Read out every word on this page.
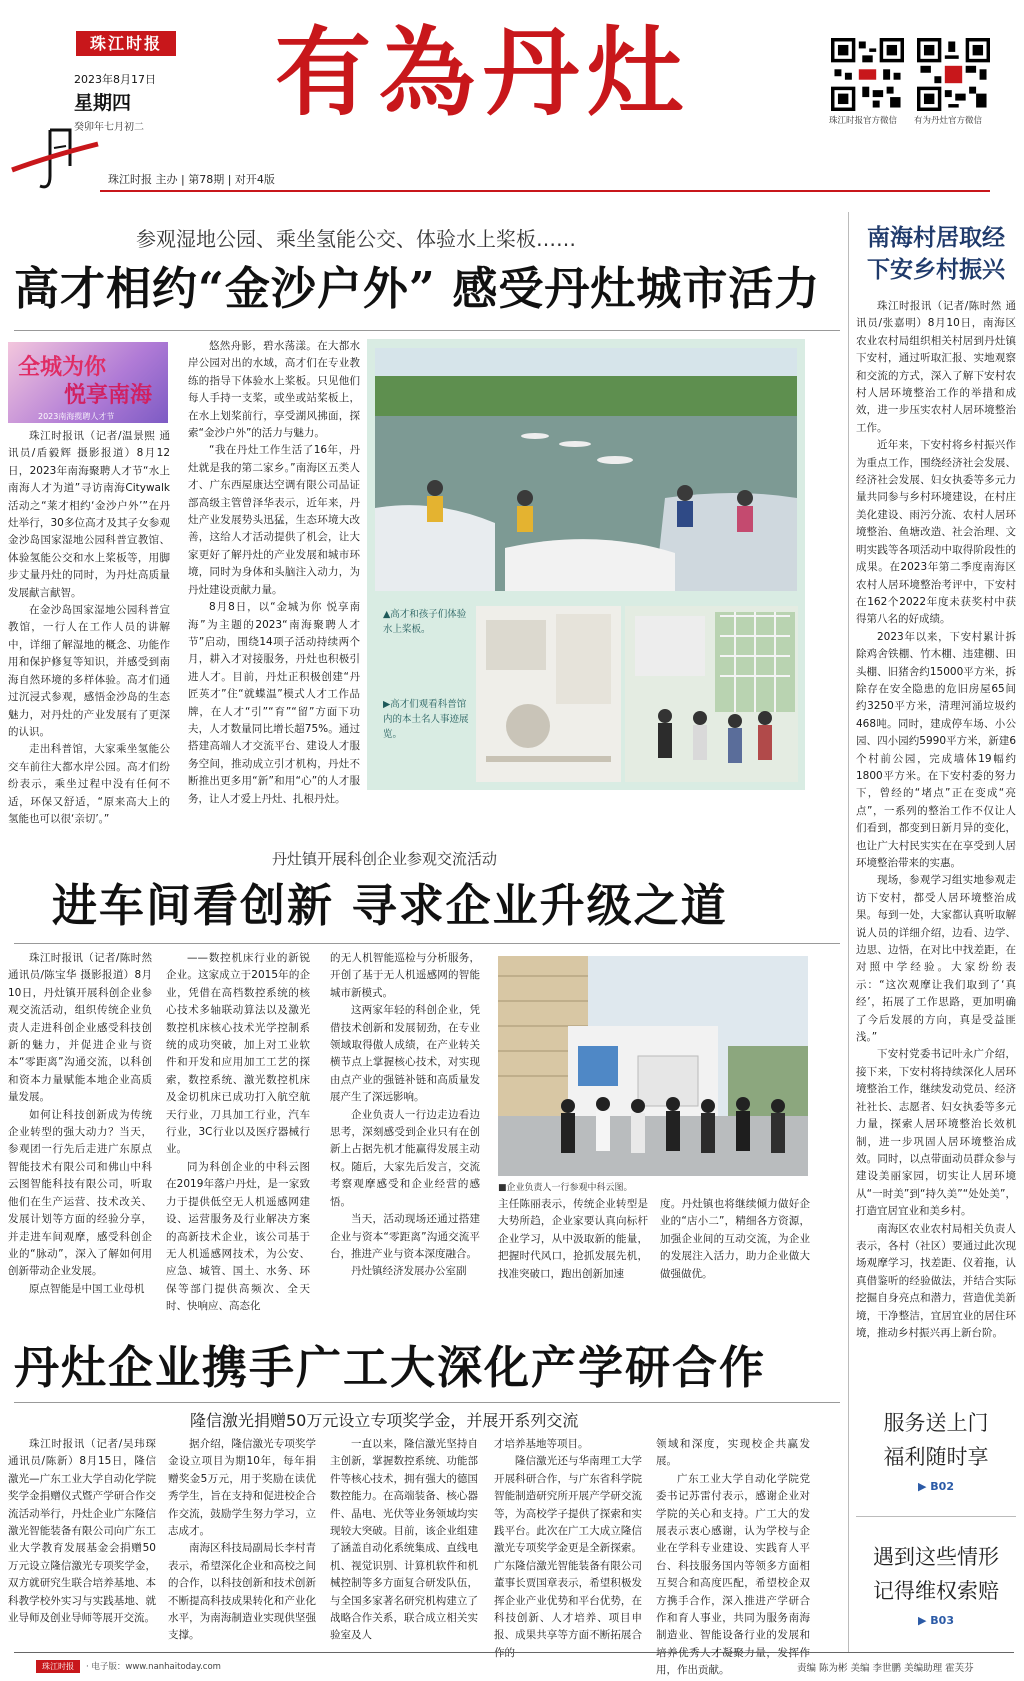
珠江时报
2023年8月17日
星期四
癸卯年七月初二 有為丹灶	珠江时报官方微信 有为丹灶官方微信
珠江时报 主办 | 第78期 | 对开4版
参观湿地公园、乘坐氢能公交、体验水上桨板……
高才相约“金沙户外” 感受丹灶城市活力
全城为你
悦享南海
2023南海揽聘人才节

珠江时报讯（记者/温景熙 通讯员/盾毅辉 摄影报道）8月12日，2023年南海聚聘人才节“水上南海人才为道”寻访南海Citywalk活动之“莱才相约‘金沙户外’”在丹灶举行，30多位高才及其子女参观金沙岛国家湿地公园科普宣教馆、体验氢能公交和水上桨板等，用脚步丈量丹灶的同时，为丹灶高质量发展献言献智。

在金沙岛国家湿地公园科普宣教馆，一行人在工作人员的讲解中，详细了解湿地的概念、功能作用和保护修复等知识，并感受到南海自然环境的多样体验。高才们通过沉浸式参观，感悟金沙岛的生态魅力，对丹灶的产业发展有了更深的认识。

走出科普馆，大家乘坐氢能公交车前往大都水岸公园。高才们纷纷表示，乘坐过程中没有任何不适，环保又舒适，“原来高大上的氢能也可以很‘亲切’。”

悠然舟影，碧水荡漾。在大都水岸公园对出的水域，高才们在专业教练的指导下体验水上桨板。只见他们每人手持一支桨，或坐或站桨板上，在水上划桨前行，享受湖风拂面，探索“金沙户外”的活力与魅力。

“我在丹灶工作生活了16年，丹灶就是我的第二家乡。”南海区五类人才、广东西屋康达空调有限公司品证部高级主管曾泽华表示，近年来，丹灶产业发展势头迅猛，生态环境大改善，这给人才活动提供了机会，让大家更好了解丹灶的产业发展和城市环境，同时为身体和头脑注入动力，为丹灶建设贡献力量。

8月8日，以“金城为你 悦享南海”为主题的2023“南海聚聘人才节”启动，围绕14项子活动持续两个月，耕入才对接服务，丹灶也积极引进人才。目前，丹灶正积极创建“丹匠英才”住“就蝶温”模式人才工作品牌，在人才“引”“育”“留”方面下功夫，人才数量同比增长超75%。通过搭建高端人才交流平台、建设人才服务空间，推动成立引才机构，丹灶不断推出更多用“新”和用“心”的人才服务，让人才爱上丹灶、扎根丹灶。

▲高才和孩子们体验水上桨板。
▶高才们观看科普馆内的本土名人事迹展览。
南海村居取经 下安乡村振兴

珠江时报讯（记者/陈时然 通讯员/张嘉明）8月10日，南海区农业农村局组织相关村居到丹灶镇下安村，通过听取汇报、实地观察和交流的方式，深入了解下安村农村人居环境整治工作的举措和成效，进一步压实农村人居环境整治工作。

近年来，下安村将乡村振兴作为重点工作，围绕经济社会发展、经济社会发展、妇女执委等多元力量共同参与乡村环境建设，在村庄美化建设、雨污分流、农村人居环境整治、鱼塘改造、社会治理、文明实践等各项活动中取得阶段性的成果。在2023年第二季度南海区农村人居环境整治考评中，下安村在162个2022年度未获奖村中获得第八名的好成绩。

2023年以来，下安村累计拆除鸡舍铁棚、竹木棚、违建棚、田头棚、旧猪舍约15000平方米，拆除存在安全隐患的危旧房屋65间约3250平方米，清理河涌垃圾约468吨。同时，建成停车场、小公园、四小园约5990平方米，新建6个村前公园，完成墙体19幅约1800平方米。在下安村委的努力下，曾经的“堵点”正在变成“亮点”，一系列的整治工作不仅让人们看到，都变到日新月异的变化，也让广大村民实实在在享受到人居环境整治带来的实惠。

现场，参观学习组实地参观走访下安村，都受人居环境整治成果。每到一处，大家都认真听取解说人员的详细介绍，边看、边学、边思、边悟，在对比中找差距，在对照中学经验。大家纷纷表示：“这次观摩让我们取到了‘真经’，拓展了工作思路，更加明确了今后发展的方向，真是受益匪浅。”

下安村党委书记叶永广介绍，接下来，下安村将持续深化人居环境整治工作，继续发动党员、经济社社长、志愿者、妇女执委等多元力量，探索人居环境整治长效机制，进一步巩固人居环境整治成效。同时，以点带面动员群众参与建设美丽家园，切实让人居环境从“一时美”到“持久美”“处处美”，打造宜居宜业和美乡村。

南海区农业农村局相关负责人表示，各村（社区）要通过此次现场观摩学习，找差距、仪着拖，认真借鉴听的经验做法，并结合实际挖掘自身亮点和潜力，营造优美新境，干净整洁，宜居宜业的居住环境，推动乡村振兴再上新台阶。

丹灶镇开展科创企业参观交流活动
进车间看创新 寻求企业升级之道

珠江时报讯（记者/陈时然 通讯员/陈宝华 摄影报道）8月10日，丹灶镇开展科创企业参观交流活动，组织传统企业负责人走进科创企业感受科技创新的魅力，并促进企业与资本“零距离”沟通交流，以科创和资本力量赋能本地企业高质量发展。

如何让科技创新成为传统企业转型的强大动力？当天，参观团一行先后走进广东原点智能技术有限公司和佛山中科云图智能科技有限公司，听取他们在生产运营、技术改关、发展计划等方面的经验分享，并走进车间观摩，感受科创企业的“脉动”，深入了解如何用创新带动企业发展。

原点智能是中国工业母机

——数控机床行业的新锐企业。这家成立于2015年的企业，凭借在高档数控系统的核心技术多轴联动算法以及激光数控机床核心技术光学控制系统的成功突破，加上对工业软件和开发和应用加工工艺的探索，数控系统、激光数控机床及金切机床已成功打入航空航天行业，刀具加工行业，汽车行业，3C行业以及医疗器械行业。

同为科创企业的中科云图在2019年落户丹灶，是一家致力于提供低空无人机遥感网建设、运营服务及行业解决方案的高新技术企业，该公司基于无人机遥感网技术，为公安、应急、城管、国土、水务、环保等部门提供高频次、全天时、快响应、高态化

的无人机智能巡检与分析服务，开创了基于无人机遥感网的智能城市新模式。

这两家年轻的科创企业，凭借技术创新和发展韧劲，在专业领域取得傲人成绩，在产业转关横节点上掌握核心技术，对实现由点产业的强链补链和高质量发展产生了深远影响。

企业负责人一行边走边看边思考，深刻感受到企业只有在创新上占据先机才能赢得发展主动权。随后，大家先后发言，交流考察观摩感受和企业经营的感悟。

当天，活动现场还通过搭建企业与资本“零距离”沟通交流平台，推进产业与资本深度融合。

丹灶镇经济发展办公室副

■企业负责人一行参观中科云图。

主任陈丽表示，传统企业转型是大势所趋，企业家要认真向标杆企业学习，从中汲取新的能量，把握时代风口，抢抓发展先机，找准突破口，跑出创新加速

度。丹灶镇也将继续倾力做好企业的“店小二”，精细各方资源，加强企业间的互动交流，为企业的发展注入活力，助力企业做大做强做优。

丹灶企业携手广工大深化产学研合作
隆信激光捐赠50万元设立专项奖学金，并展开系列交流

珠江时报讯（记者/吴玮琛 通讯员/陈新）8月15日，隆信激光—广东工业大学自动化学院奖学金捐赠仪式暨产学研合作交流活动举行，丹灶企业广东隆信激光智能装备有限公司向广东工业大学教育发展基金会捐赠50万元设立隆信激光专项奖学金，双方就研究生联合培养基地、本科教学校外实习与实践基地、就业导师及创业导师等展开交流。

据介绍，隆信激光专项奖学金设立项目为期10年，每年捐赠奖金5万元，用于奖励在读优秀学生，旨在支持和促进校企合作交流，鼓励学生努力学习，立志成才。

南海区科技局副局长李村青表示，希望深化企业和高校之间的合作，以科技创新和技术创新不断提高科技成果转化和产业化水平，为南海制造业实现供坚强支撑。

一直以来，隆信激光坚持自主创新，掌握数控系统、功能部件等核心技术，拥有强大的德国数控能力。在高端装备、核心器件、晶电、光伏等业务领域均实现较大突破。目前，该企业组建了涵盖自动化系统集成、直线电机、视觉识别、计算机软件和机械控制等多方面复合研发队伍，与全国多家著名研究机构建立了战略合作关系，联合成立相关实验室及人

才培养基地等项目。

隆信激光还与华南理工大学开展科研合作，与广东省科学院智能制造研究所开展产学研交流等，为高校学子提供了探索和实践平台。此次在广工大成立隆信激光专项奖学金更是全新探索。广东隆信激光智能装备有限公司董事长贾国章表示，希望积极发挥企业产业优势和平台优势，在科技创新、人才培养、项目申报、成果共享等方面不断拓展合

领域和深度，实现校企共赢发展。

广东工业大学自动化学院党委书记苏雷付表示，感谢企业对学院的关心和支持。广工大的发展表示衷心感谢，认为学校与企业在学科专业建设、实践育人平台、科技服务国内等领多方面相互契合和高度匹配，希望校企双方携手合作，深入推进产学研合作和育人事业，共同为服务南海制造业、智能设备行业的发展和 用，作出贡献。

服务送上门
福利随时享
▶ B02
遇到这些情形
记得维权索赔
▶ B03
珠江时报	· 电子版：www.nanhaitoday.com	责编 陈为彬 美编 李世鹏 美编助理 霍芙芬
